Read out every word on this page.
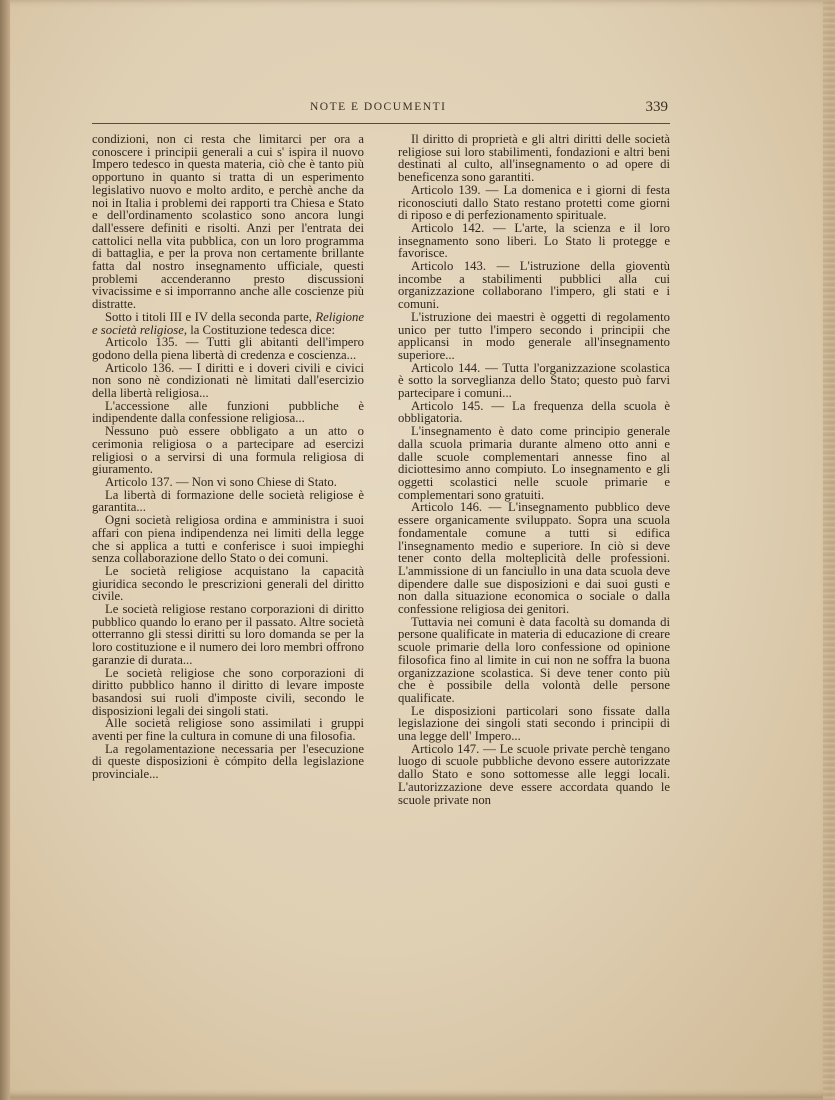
NOTE E DOCUMENTI	339

condizioni, non ci resta che limitarci per ora a conoscere i principii generali a cui s' ispira il nuovo Impero tedesco in questa materia, ciò che è tanto più opportuno in quanto si tratta di un esperimento legislativo nuovo e molto ardito, e perchè anche da noi in Italia i problemi dei rapporti tra Chiesa e Stato e dell'ordinamento scolastico sono ancora lungi dall'essere definiti e risolti. Anzi per l'entrata dei cattolici nella vita pubblica, con un loro programma di battaglia, e per la prova non certamente brillante fatta dal nostro insegnamento ufficiale, questi problemi accenderanno presto discussioni vivacissime e si imporranno anche alle coscienze più distratte.

Sotto i titoli III e IV della seconda parte, Religione e società religiose, la Costituzione tedesca dice:

Articolo 135. — Tutti gli abitanti dell'impero godono della piena libertà di credenza e coscienza...

Articolo 136. — I diritti e i doveri civili e civici non sono nè condizionati nè limitati dall'esercizio della libertà religiosa...

L'accessione alle funzioni pubbliche è indipendente dalla confessione religiosa...

Nessuno può essere obbligato a un atto o cerimonia religiosa o a partecipare ad esercizi religiosi o a servirsi di una formula religiosa di giuramento.

Articolo 137. — Non vi sono Chiese di Stato.

La libertà di formazione delle società religiose è garantita...

Ogni società religiosa ordina e amministra i suoi affari con piena indipendenza nei limiti della legge che si applica a tutti e conferisce i suoi impieghi senza collaborazione dello Stato o dei comuni.

Le società religiose acquistano la capacità giuridica secondo le prescrizioni generali del diritto civile.

Le società religiose restano corporazioni di diritto pubblico quando lo erano per il passato. Altre società otterranno gli stessi diritti su loro domanda se per la loro costituzione e il numero dei loro membri offrono garanzie di durata...

Le società religiose che sono corporazioni di diritto pubblico hanno il diritto di levare imposte basandosi sui ruoli d'imposte civili, secondo le disposizioni legali dei singoli stati.

Alle società religiose sono assimilati i gruppi aventi per fine la cultura in comune di una filosofia.

La regolamentazione necessaria per l'esecuzione di queste disposizioni è cómpito della legislazione provinciale...

Il diritto di proprietà e gli altri diritti delle società religiose sui loro stabilimenti, fondazioni e altri beni destinati al culto, all'insegnamento o ad opere di beneficenza sono garantiti.

Articolo 139. — La domenica e i giorni di festa riconosciuti dallo Stato restano protetti come giorni di riposo e di perfezionamento spirituale.

Articolo 142. — L'arte, la scienza e il loro insegnamento sono liberi. Lo Stato li protegge e favorisce.

Articolo 143. — L'istruzione della gioventù incombe a stabilimenti pubblici alla cui organizzazione collaborano l'impero, gli stati e i comuni.

L'istruzione dei maestri è oggetti di regolamento unico per tutto l'impero secondo i principii che applicansi in modo generale all'insegnamento superiore...

Articolo 144. — Tutta l'organizzazione scolastica è sotto la sorveglianza dello Stato; questo può farvi partecipare i comuni...

Articolo 145. — La frequenza della scuola è obbligatoria.

L'insegnamento è dato come principio generale dalla scuola primaria durante almeno otto anni e dalle scuole complementari annesse fino al diciottesimo anno compiuto. Lo insegnamento e gli oggetti scolastici nelle scuole primarie e complementari sono gratuiti.

Articolo 146. — L'insegnamento pubblico deve essere organicamente sviluppato. Sopra una scuola fondamentale comune a tutti si edifica l'insegnamento medio e superiore. In ciò si deve tener conto della molteplicità delle professioni. L'ammissione di un fanciullo in una data scuola deve dipendere dalle sue disposizioni e dai suoi gusti e non dalla situazione economica o sociale o dalla confessione religiosa dei genitori.

Tuttavia nei comuni è data facoltà su domanda di persone qualificate in materia di educazione di creare scuole primarie della loro confessione od opinione filosofica fino al limite in cui non ne soffra la buona organizzazione scolastica. Si deve tener conto più che è possibile della volontà delle persone qualificate.

Le disposizioni particolari sono fissate dalla legislazione dei singoli stati secondo i principii di una legge dell' Impero...

Articolo 147. — Le scuole private perchè tengano luogo di scuole pubbliche devono essere autorizzate dallo Stato e sono sottomesse alle leggi locali. L'autorizzazione deve essere accordata quando le scuole private non
